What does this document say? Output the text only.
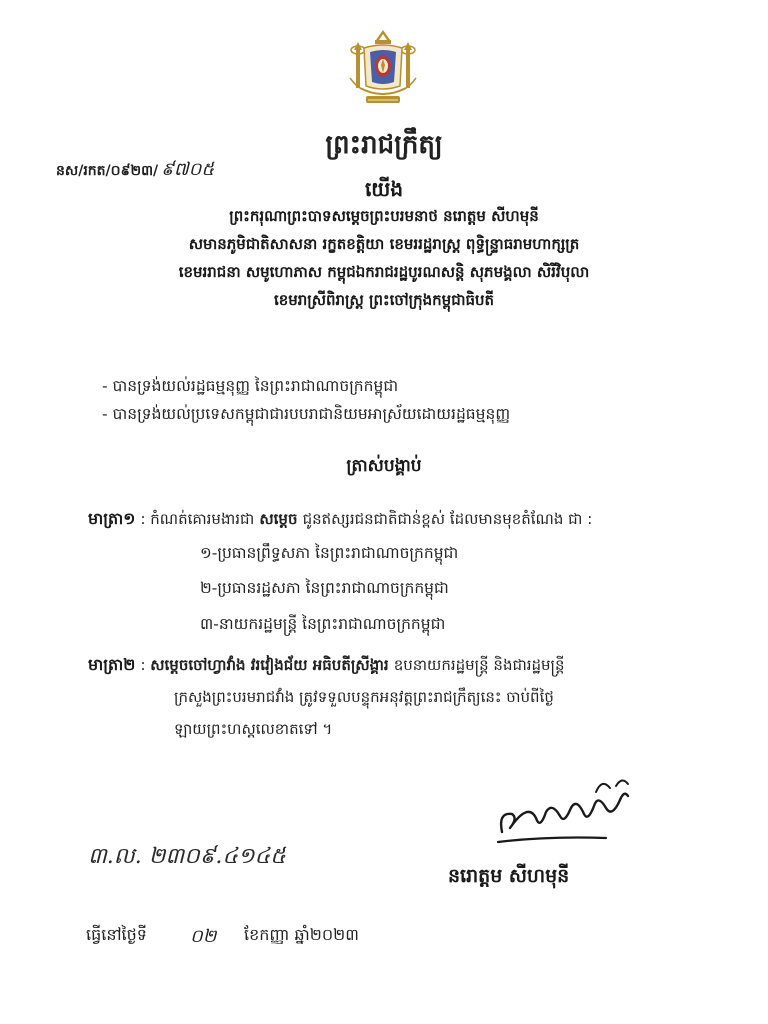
ព្រះរាជក្រឹត្យ
នស/រកត/០៩២៣/ ៩៧០៥
យើង
ព្រះករុណាព្រះបាទសម្តេចព្រះបរមនាថ នរោត្តម សីហមុនី
សមានភូមិជាតិសាសនា រក្ខតខត្តិយា ខេមររដ្ឋរាស្ត្រ ពុទ្ធិន្ទ្រាធរាមហាក្សត្រ
ខេមររាជនា សមូហោភាស កម្ពុជឯករាជរដ្ឋបូរណសន្តិ សុភមង្គលា សិរីវិបុលា
ខេមរាស្រីពិរាស្ត្រ ព្រះចៅក្រុងកម្ពុជាធិបតី
- បានទ្រង់យល់រដ្ឋធម្មនុញ្ញ នៃព្រះរាជាណាចក្រកម្ពុជា
- បានទ្រង់យល់ប្រទេសកម្ពុជាជារបបរាជានិយមអាស្រ័យដោយរដ្ឋធម្មនុញ្ញ
ត្រាស់បង្គាប់
មាត្រា១ : កំណត់គោរមងារជា សម្តេច ជូនឥស្សរជនជាតិជាន់ខ្ពស់ ដែលមានមុខតំណែង ជា :
១-ប្រធានព្រឹទ្ធសភា នៃព្រះរាជាណាចក្រកម្ពុជា
២-ប្រធានរដ្ឋសភា នៃព្រះរាជាណាចក្រកម្ពុជា
៣-នាយករដ្ឋមន្ត្រី នៃព្រះរាជាណាចក្រកម្ពុជា
មាត្រា២ : សម្តេចចៅហ្វាវាំង វរវៀងជ័យ អធិបតីស្រីង្គារ ឧបនាយករដ្ឋមន្ត្រី និងជារដ្ឋមន្ត្រី
ក្រសួងព្រះបរមរាជវាំង ត្រូវទទួលបន្ទុកអនុវត្តព្រះរាជក្រឹត្យនេះ ចាប់ពីថ្ងៃ
ឡាយព្រះហស្តលេខាតទៅ ។
៣.ល. ២៣០៩.៤១៤៥
នរោត្តម សីហមុនី
ធ្វើនៅថ្ងៃទី ០២ ខែកញ្ញា ឆ្នាំ២០២៣
